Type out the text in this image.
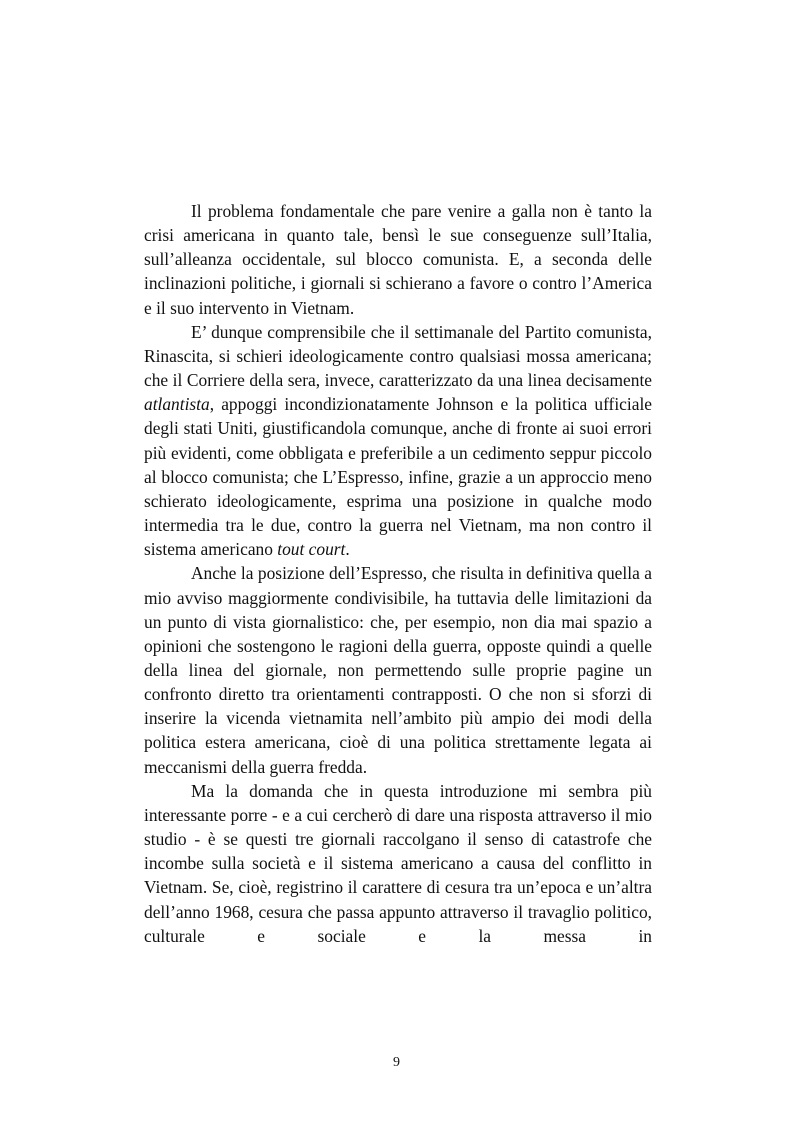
Il problema fondamentale che pare venire a galla non è tanto la crisi americana in quanto tale, bensì le sue conseguenze sull’Italia, sull’alleanza occidentale, sul blocco comunista. E, a seconda delle inclinazioni politiche, i giornali si schierano a favore o contro l’America e il suo intervento in Vietnam.

E’ dunque comprensibile che il settimanale del Partito comunista, Rinascita, si schieri ideologicamente contro qualsiasi mossa americana; che il Corriere della sera, invece, caratterizzato da una linea decisamente atlantista, appoggi incondizionatamente Johnson e la politica ufficiale degli stati Uniti, giustificandola comunque, anche di fronte ai suoi errori più evidenti, come obbligata e preferibile a un cedimento seppur piccolo al blocco comunista; che L’Espresso, infine, grazie a un approccio meno schierato ideologicamente, esprima una posizione in qualche modo intermedia tra le due, contro la guerra nel Vietnam, ma non contro il sistema americano tout court.

Anche la posizione dell’Espresso, che risulta in definitiva quella a mio avviso maggiormente condivisibile, ha tuttavia delle limitazioni da un punto di vista giornalistico: che, per esempio, non dia mai spazio a opinioni che sostengono le ragioni della guerra, opposte quindi a quelle della linea del giornale, non permettendo sulle proprie pagine un confronto diretto tra orientamenti contrapposti. O che non si sforzi di inserire la vicenda vietnamita nell’ambito più ampio dei modi della politica estera americana, cioè di una politica strettamente legata ai meccanismi della guerra fredda.

Ma la domanda che in questa introduzione mi sembra più interessante porre - e a cui cercherò di dare una risposta attraverso il mio studio - è se questi tre giornali raccolgano il senso di catastrofe che incombe sulla società e il sistema americano a causa del conflitto in Vietnam. Se, cioè, registrino il carattere di cesura tra un’epoca e un’altra dell’anno 1968, cesura che passa appunto attraverso il travaglio politico, culturale e sociale e la messa in

9
